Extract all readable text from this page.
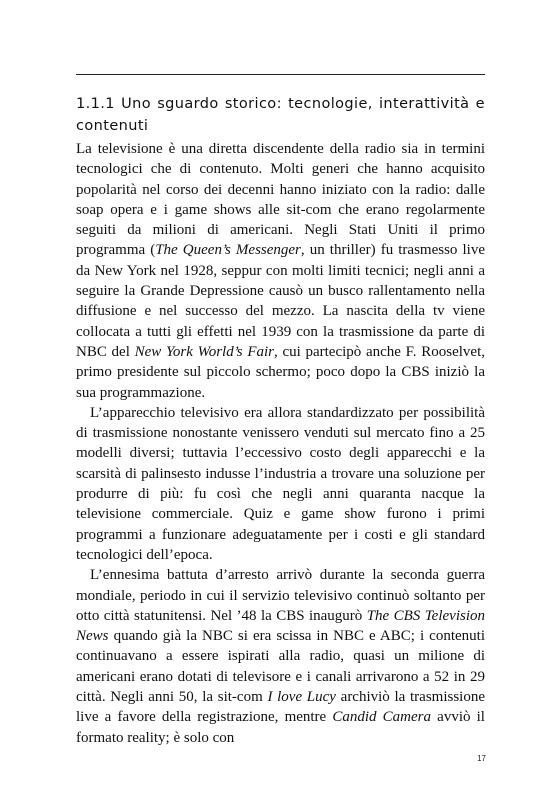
1.1.1 Uno sguardo storico: tecnologie, interattività e contenuti

La televisione è una diretta discendente della radio sia in termini tecnologici che di contenuto. Molti generi che hanno acquisito popolarità nel corso dei decenni hanno iniziato con la radio: dalle soap opera e i game shows alle sit-com che erano regolarmente seguiti da milioni di americani. Negli Stati Uniti il primo programma (The Queen’s Messenger, un thriller) fu trasmesso live da New York nel 1928, seppur con molti limiti tecnici; negli anni a seguire la Grande Depressione causò un busco rallentamento nella diffusione e nel successo del mezzo. La nascita della tv viene collocata a tutti gli effetti nel 1939 con la trasmissione da parte di NBC del New York World’s Fair, cui partecipò anche F. Rooselvet, primo presidente sul piccolo schermo; poco dopo la CBS iniziò la sua programmazione.

L’apparecchio televisivo era allora standardizzato per possibilità di trasmissione nonostante venissero venduti sul mercato fino a 25 modelli diversi; tuttavia l’eccessivo costo degli apparecchi e la scarsità di palinsesto indusse l’industria a trovare una soluzione per produrre di più: fu così che negli anni quaranta nacque la televisione commerciale. Quiz e game show furono i primi programmi a funzionare adeguatamente per i costi e gli standard tecnologici dell’epoca.

L’ennesima battuta d’arresto arrivò durante la seconda guerra mondiale, periodo in cui il servizio televisivo continuò soltanto per otto città statunitensi. Nel ’48 la CBS inaugurò The CBS Television News quando già la NBC si era scissa in NBC e ABC; i contenuti continuavano a essere ispirati alla radio, quasi un milione di americani erano dotati di televisore e i canali arrivarono a 52 in 29 città. Negli anni 50, la sit-com I love Lucy archiviò la trasmissione live a favore della registrazione, mentre Candid Camera avviò il formato reality; è solo con

17
